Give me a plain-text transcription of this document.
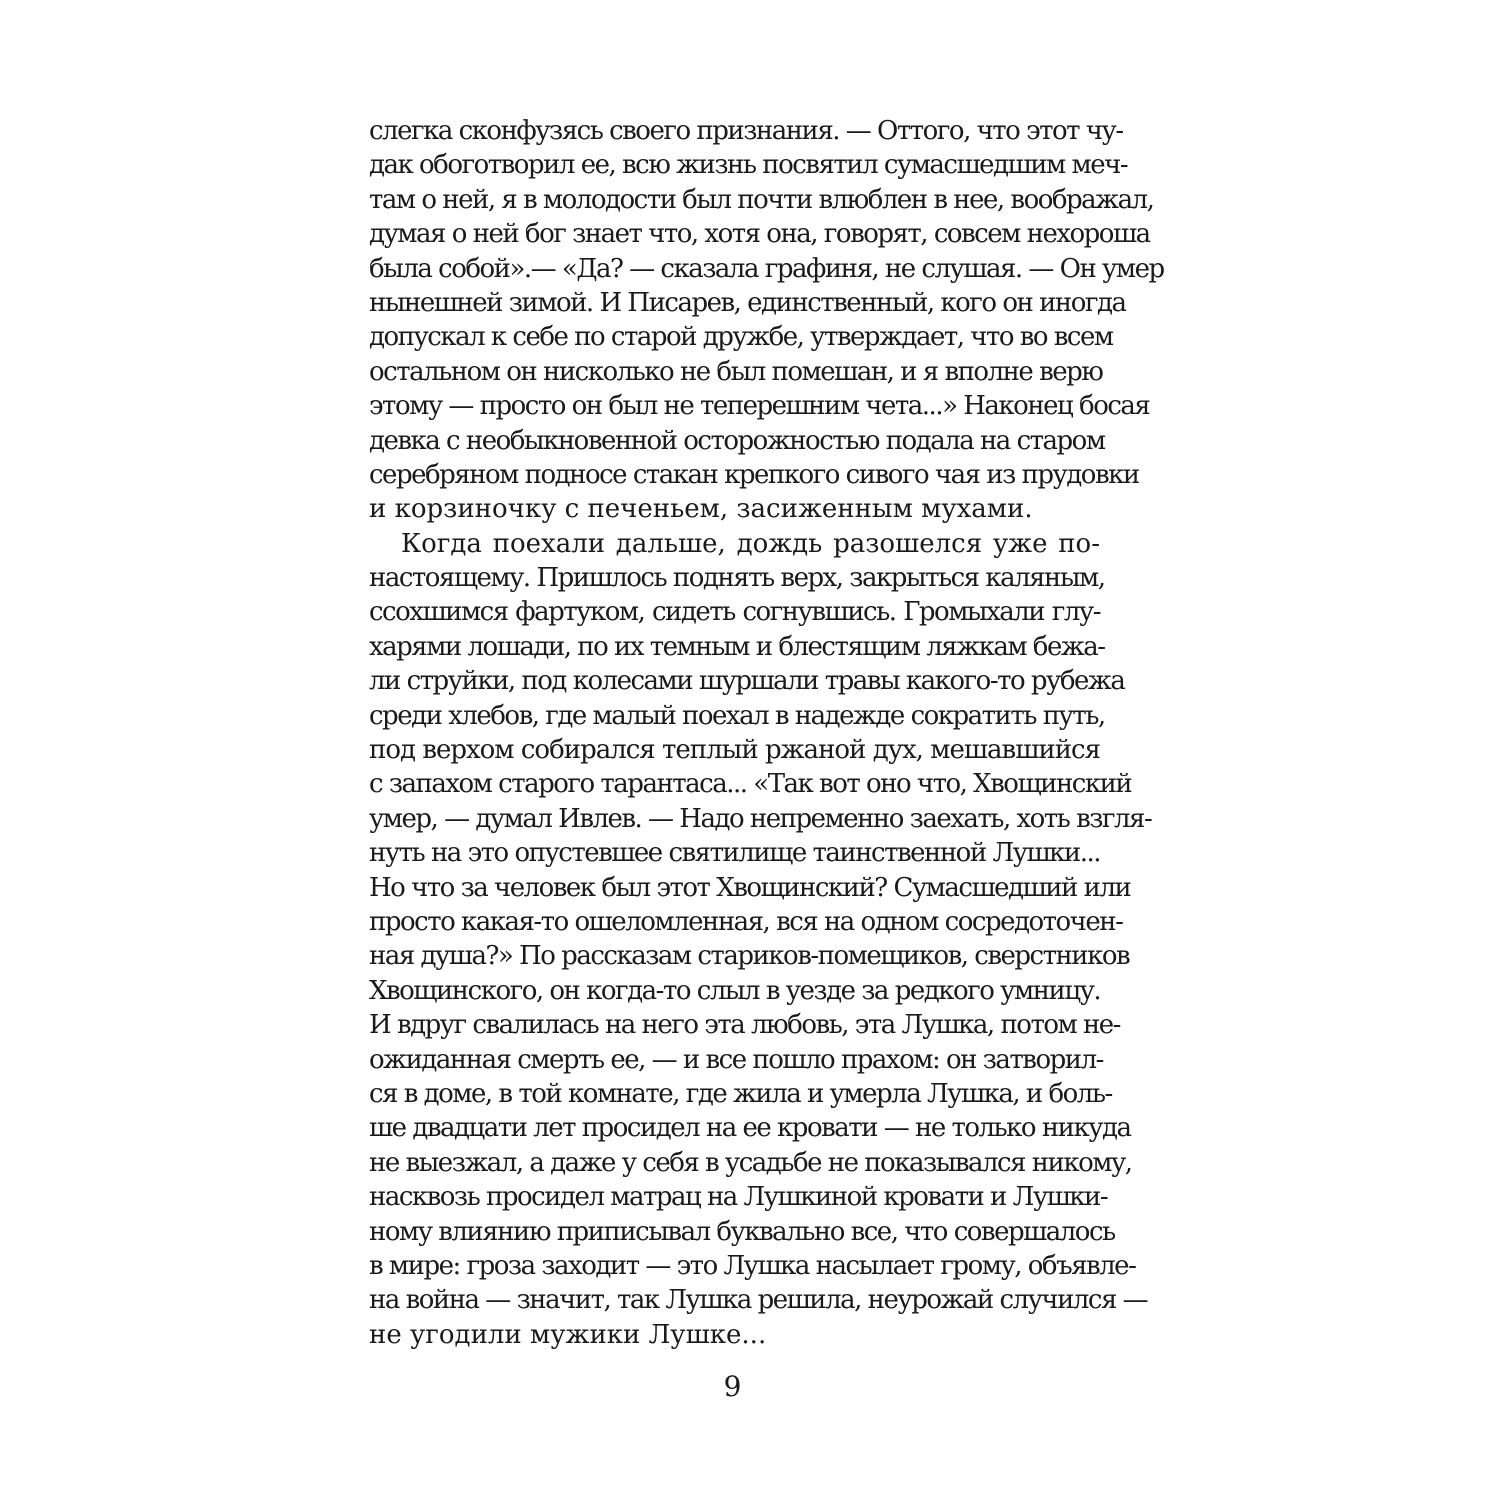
слегка сконфузясь своего признания. — Оттого, что этот чу-
дак обоготворил ее, всю жизнь посвятил сумасшедшим меч-
там о ней, я в молодости был почти влюблен в нее, воображал,
думая о ней бог знает что, хотя она, говорят, совсем нехороша
была собой».— «Да? — сказала графиня, не слушая. — Он умер
нынешней зимой. И Писарев, единственный, кого он иногда
допускал к себе по старой дружбе, утверждает, что во всем
остальном он нисколько не был помешан, и я вполне верю
этому — просто он был не теперешним чета...» Наконец босая
девка с необыкновенной осторожностью подала на старом
серебряном подносе стакан крепкого сивого чая из прудовки
и корзиночку с печеньем, засиженным мухами.
Когда поехали дальше, дождь разошелся уже по-
настоящему. Пришлось поднять верх, закрыться каляным,
ссохшимся фартуком, сидеть согнувшись. Громыхали глу-
харями лошади, по их темным и блестящим ляжкам бежа-
ли струйки, под колесами шуршали травы какого-то рубежа
среди хлебов, где малый поехал в надежде сократить путь,
под верхом собирался теплый ржаной дух, мешавшийся
с запахом старого тарантаса... «Так вот оно что, Хвощинский
умер, — думал Ивлев. — Надо непременно заехать, хоть взгля-
нуть на это опустевшее святилище таинственной Лушки...
Но что за человек был этот Хвощинский? Сумасшедший или
просто какая-то ошеломленная, вся на одном сосредоточен-
ная душа?» По рассказам стариков-помещиков, сверстников
Хвощинского, он когда-то слыл в уезде за редкого умницу.
И вдруг свалилась на него эта любовь, эта Лушка, потом не-
ожиданная смерть ее, — и все пошло прахом: он затворил-
ся в доме, в той комнате, где жила и умерла Лушка, и боль-
ше двадцати лет просидел на ее кровати — не только никуда
не выезжал, а даже у себя в усадьбе не показывался никому,
насквозь просидел матрац на Лушкиной кровати и Лушки-
ному влиянию приписывал буквально все, что совершалось
в мире: гроза заходит — это Лушка насылает грому, объявле-
на война — значит, так Лушка решила, неурожай случился —
не угодили мужики Лушке...
9
